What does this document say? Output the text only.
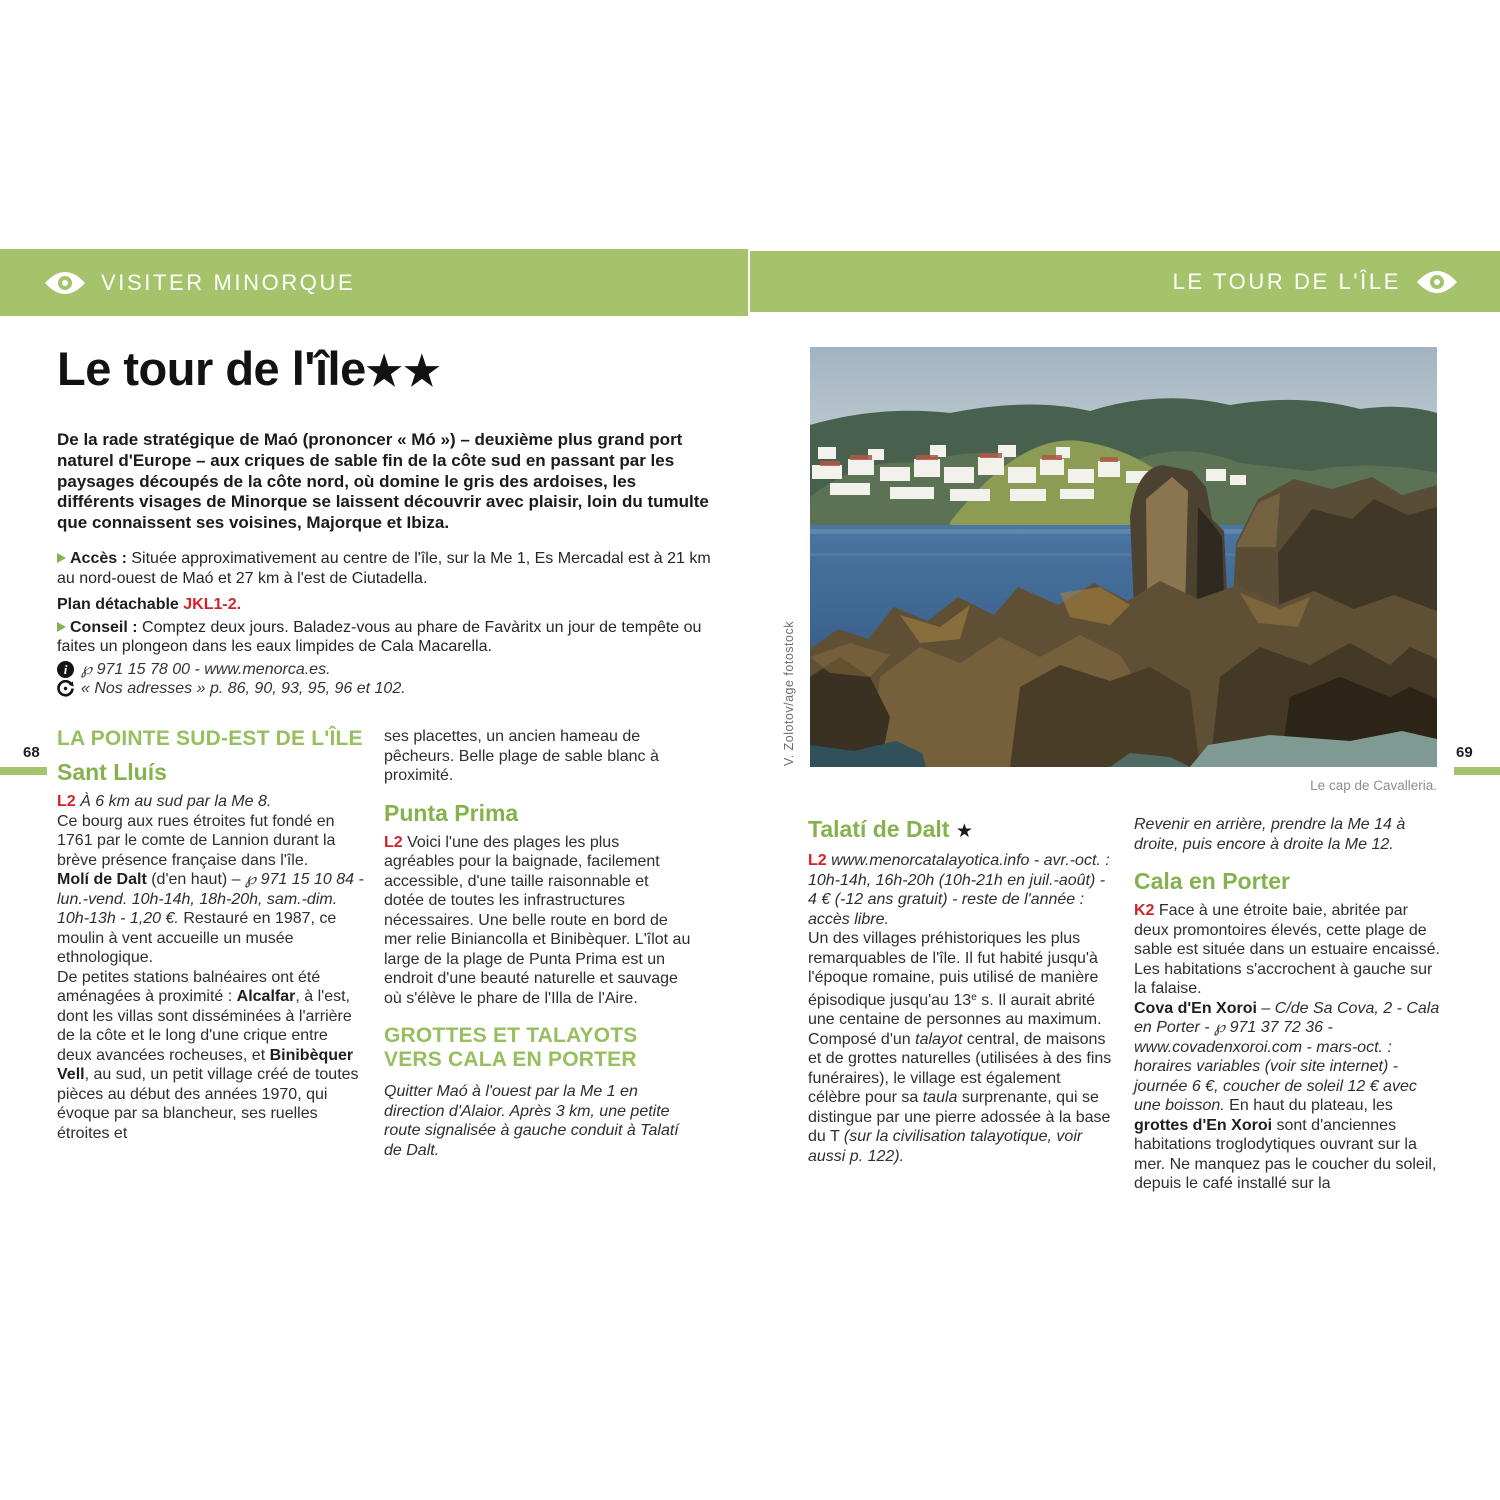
VISITER MINORQUE	LE TOUR DE L'ÎLE
Le tour de l'île★★
De la rade stratégique de Maó (prononcer « Mó ») – deuxième plus grand port naturel d'Europe – aux criques de sable fin de la côte sud en passant par les paysages découpés de la côte nord, où domine le gris des ardoises, les différents visages de Minorque se laissent découvrir avec plaisir, loin du tumulte que connaissent ses voisines, Majorque et Ibiza.

Accès : Située approximativement au centre de l'île, sur la Me 1, Es Mercadal est à 21 km au nord-ouest de Maó et 27 km à l'est de Ciutadella.

Plan détachable JKL1-2.

Conseil : Comptez deux jours. Baladez-vous au phare de Favàritx un jour de tempête ou faites un plongeon dans les eaux limpides de Cala Macarella.

i ℘ 971 15 78 00 - www.menorca.es.

« Nos adresses » p. 86, 90, 93, 95, 96 et 102.

LA POINTE SUD-EST DE L'ÎLE
Sant Lluís

L2 À 6 km au sud par la Me 8.

Ce bourg aux rues étroites fut fondé en 1761 par le comte de Lannion durant la brève présence française dans l'île.

Molí de Dalt (d'en haut) – ℘ 971 15 10 84 - lun.-vend. 10h-14h, 18h-20h, sam.-dim. 10h-13h - 1,20 €. Restauré en 1987, ce moulin à vent accueille un musée ethnologique.

De petites stations balnéaires ont été aménagées à proximité : Alcalfar, à l'est, dont les villas sont disséminées à l'arrière de la côte et le long d'une crique entre deux avancées rocheuses, et Binibèquer Vell, au sud, un petit village créé de toutes pièces au début des années 1970, qui évoque par sa blancheur, ses ruelles étroites et

ses placettes, un ancien hameau de pêcheurs. Belle plage de sable blanc à proximité.

Punta Prima

L2 Voici l'une des plages les plus agréables pour la baignade, facilement accessible, d'une taille raisonnable et dotée de toutes les infrastructures nécessaires. Une belle route en bord de mer relie Biniancolla et Binibèquer. L'îlot au large de la plage de Punta Prima est un endroit d'une beauté naturelle et sauvage où s'élève le phare de l'Illa de l'Aire.

GROTTES ET TALAYOTS VERS CALA EN PORTER

Quitter Maó à l'ouest par la Me 1 en direction d'Alaior. Après 3 km, une petite route signalisée à gauche conduit à Talatí de Dalt.

68	V. Zolotov/age fotostock
Le cap de Cavalleria.
Talatí de Dalt ★

L2 www.menorcatalayotica.info - avr.-oct. : 10h-14h, 16h-20h (10h-21h en juil.-août) - 4 € (-12 ans gratuit) - reste de l'année : accès libre.

Un des villages préhistoriques les plus remarquables de l'île. Il fut habité jusqu'à l'époque romaine, puis utilisé de manière épisodique jusqu'au 13e s. Il aurait abrité une centaine de personnes au maximum. Composé d'un talayot central, de maisons et de grottes naturelles (utilisées à des fins funéraires), le village est également célèbre pour sa taula surprenante, qui se distingue par une pierre adossée à la base du T (sur la civilisation talayotique, voir aussi p. 122).

Revenir en arrière, prendre la Me 14 à droite, puis encore à droite la Me 12.

Cala en Porter

K2 Face à une étroite baie, abritée par deux promontoires élevés, cette plage de sable est située dans un estuaire encaissé. Les habitations s'accrochent à gauche sur la falaise.

Cova d'En Xoroi – C/de Sa Cova, 2 - Cala en Porter - ℘ 971 37 72 36 - www.covadenxoroi.com - mars-oct. : horaires variables (voir site internet) - journée 6 €, coucher de soleil 12 € avec une boisson. En haut du plateau, les grottes d'En Xoroi sont d'anciennes habitations troglodytiques ouvrant sur la mer. Ne manquez pas le coucher du soleil, depuis le café installé sur la

69
